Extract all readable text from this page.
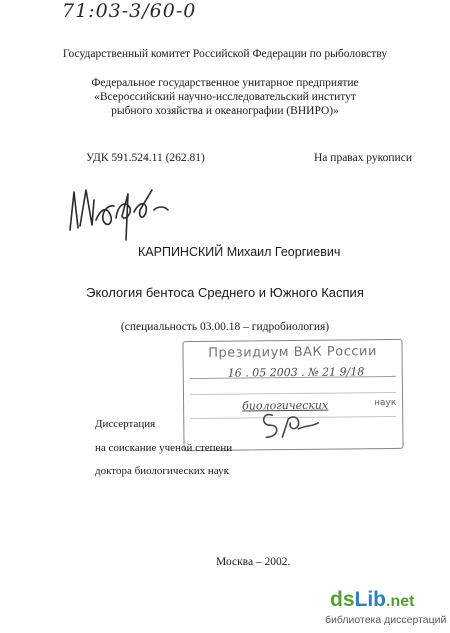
71:03-3/60-0
Государственный комитет Российской Федерации по рыболовству
Федеральное государственное унитарное предприятие
«Всероссийский научно-исследовательский институт
рыбного хозяйства и океанографии (ВНИРО)»
УДК 591.524.11 (262.81)	На правах рукописи
КАРПИНСКИЙ Михаил Георгиевич
Экология бентоса Среднего и Южного Каспия
(специальность 03.00.18 – гидробиология)
Президиум ВАК России
16 . 05 2003 . № 21 9/18
биологических	наук
Диссертация
на соискание ученой степени
доктора биологических наук
Москва – 2002.
dsLib.net
библиотека диссертаций
